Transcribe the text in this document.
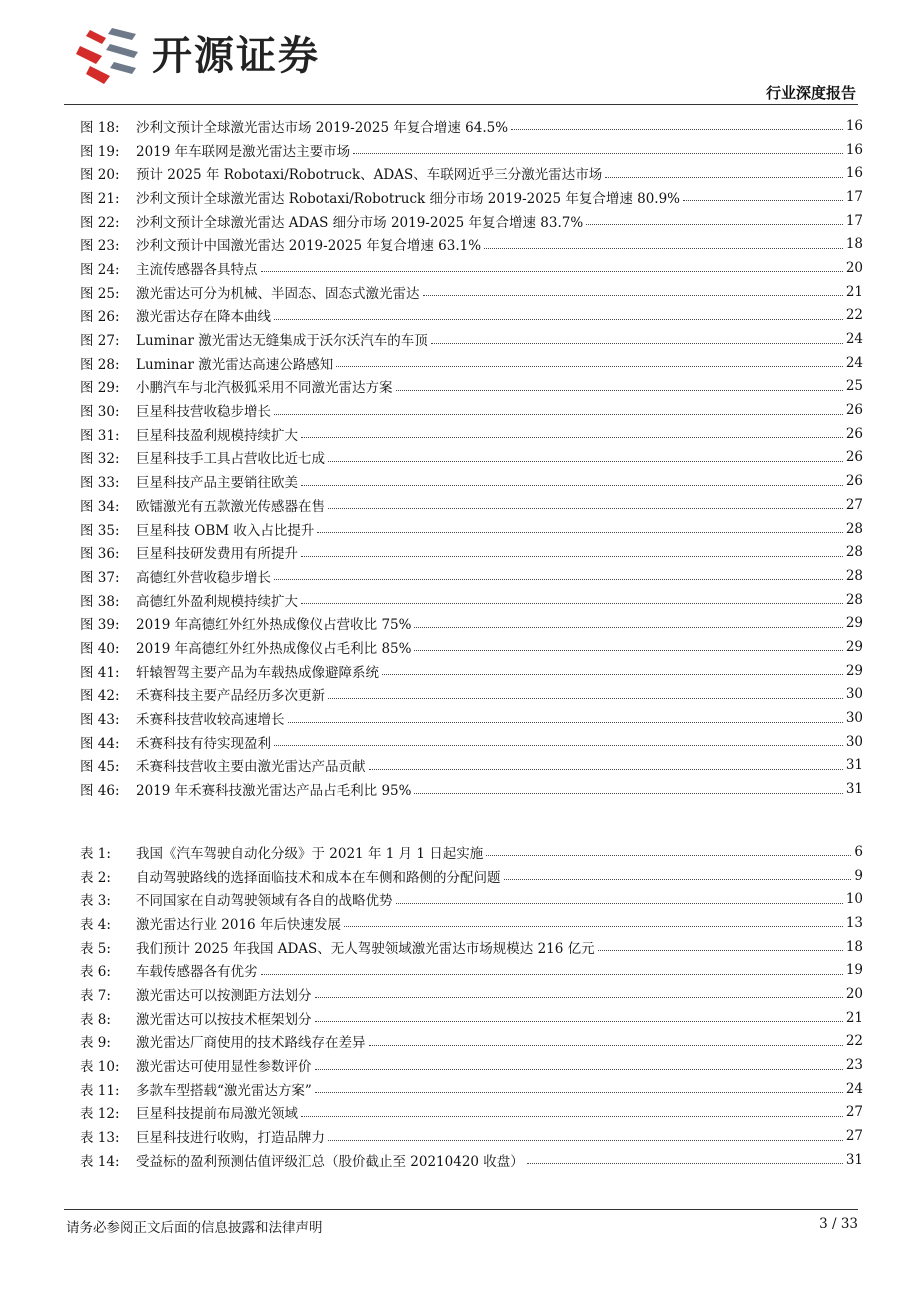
开源证券
行业深度报告
图 18:	沙利文预计全球激光雷达市场 2019-2025 年复合增速 64.5%	16
图 19:	2019 年车联网是激光雷达主要市场	16
图 20:	预计 2025 年 Robotaxi/Robotruck、ADAS、车联网近乎三分激光雷达市场	16
图 21:	沙利文预计全球激光雷达 Robotaxi/Robotruck 细分市场 2019-2025 年复合增速 80.9%	17
图 22:	沙利文预计全球激光雷达 ADAS 细分市场 2019-2025 年复合增速 83.7%	17
图 23:	沙利文预计中国激光雷达 2019-2025 年复合增速 63.1%	18
图 24:	主流传感器各具特点	20
图 25:	激光雷达可分为机械、半固态、固态式激光雷达	21
图 26:	激光雷达存在降本曲线	22
图 27:	Luminar 激光雷达无缝集成于沃尔沃汽车的车顶	24
图 28:	Luminar 激光雷达高速公路感知	24
图 29:	小鹏汽车与北汽极狐采用不同激光雷达方案	25
图 30:	巨星科技营收稳步增长	26
图 31:	巨星科技盈利规模持续扩大	26
图 32:	巨星科技手工具占营收比近七成	26
图 33:	巨星科技产品主要销往欧美	26
图 34:	欧镭激光有五款激光传感器在售	27
图 35:	巨星科技 OBM 收入占比提升	28
图 36:	巨星科技研发费用有所提升	28
图 37:	高德红外营收稳步增长	28
图 38:	高德红外盈利规模持续扩大	28
图 39:	2019 年高德红外红外热成像仪占营收比 75%	29
图 40:	2019 年高德红外红外热成像仪占毛利比 85%	29
图 41:	轩辕智驾主要产品为车载热成像避障系统	29
图 42:	禾赛科技主要产品经历多次更新	30
图 43:	禾赛科技营收较高速增长	30
图 44:	禾赛科技有待实现盈利	30
图 45:	禾赛科技营收主要由激光雷达产品贡献	31
图 46:	2019 年禾赛科技激光雷达产品占毛利比 95%	31
表 1:	我国《汽车驾驶自动化分级》于 2021 年 1 月 1 日起实施	6
表 2:	自动驾驶路线的选择面临技术和成本在车侧和路侧的分配问题	9
表 3:	不同国家在自动驾驶领域有各自的战略优势	10
表 4:	激光雷达行业 2016 年后快速发展	13
表 5:	我们预计 2025 年我国 ADAS、无人驾驶领域激光雷达市场规模达 216 亿元	18
表 6:	车载传感器各有优劣	19
表 7:	激光雷达可以按测距方法划分	20
表 8:	激光雷达可以按技术框架划分	21
表 9:	激光雷达厂商使用的技术路线存在差异	22
表 10:	激光雷达可使用显性参数评价	23
表 11:	多款车型搭载“激光雷达方案”	24
表 12:	巨星科技提前布局激光领域	27
表 13:	巨星科技进行收购，打造品牌力	27
表 14:	受益标的盈利预测估值评级汇总（股价截止至 20210420 收盘）	31
请务必参阅正文后面的信息披露和法律声明	3 / 33
